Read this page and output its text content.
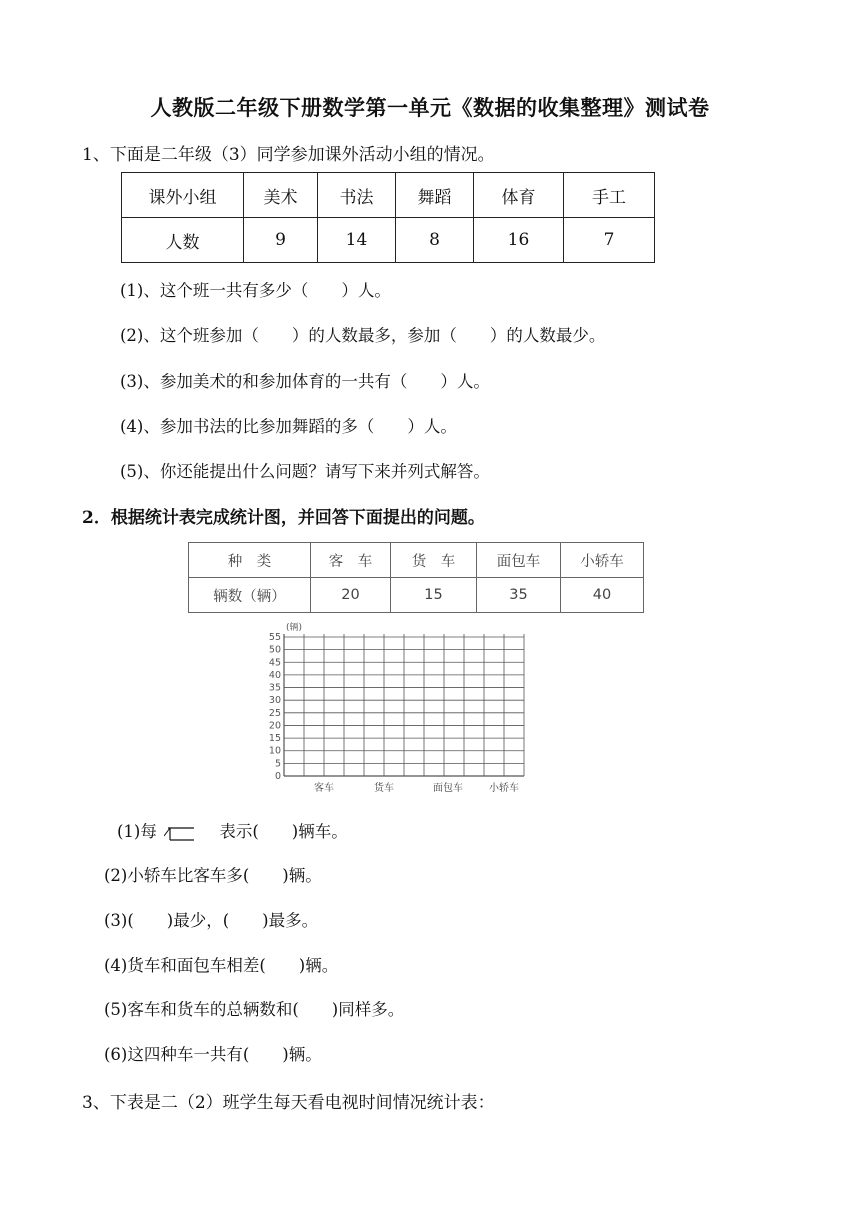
人教版二年级下册数学第一单元《数据的收集整理》测试卷
1、下面是二年级（3）同学参加课外活动小组的情况。
课外小组	美术	书法	舞蹈	体育	手工
人数	9	14	8	16	7
(1)、这个班一共有多少（　　）人。
(2)、这个班参加（　　）的人数最多，参加（　　）的人数最少。
(3)、参加美术的和参加体育的一共有（　　）人。
(4)、参加书法的比参加舞蹈的多（　　）人。
(5)、你还能提出什么问题？请写下来并列式解答。
2．根据统计表完成统计图，并回答下面提出的问题。
种　类	客　车	货　车	面包车	小轿车
辆数（辆）	20	15	35	40
0
5
10
15
20
25
30
35
40
45
50
55
客车	货车	面包车	小轿车
(辆)
(1)每	表示(　　)辆车。
(2)小轿车比客车多(　　)辆。
(3)(　　)最少，(　　)最多。
(4)货车和面包车相差(　　)辆。
(5)客车和货车的总辆数和(　　)同样多。
(6)这四种车一共有(　　)辆。
3、下表是二（2）班学生每天看电视时间情况统计表：
